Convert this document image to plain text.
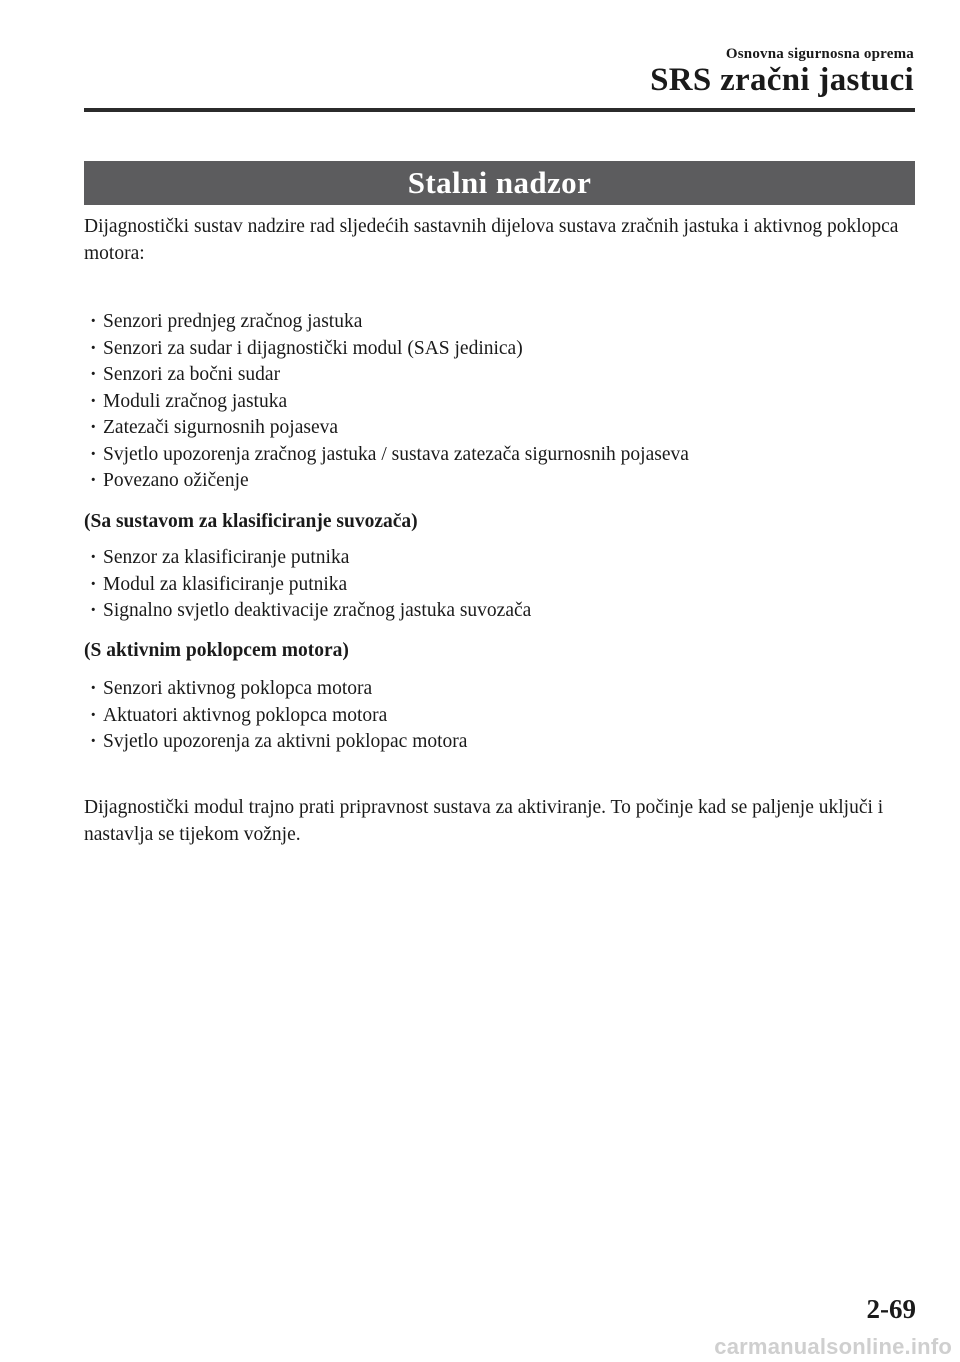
Osnovna sigurnosna oprema
SRS zračni jastuci
Stalni nadzor
Dijagnostički sustav nadzire rad sljedećih sastavnih dijelova sustava zračnih jastuka i aktivnog poklopca motora:
· Senzori prednjeg zračnog jastuka
· Senzori za sudar i dijagnostički modul (SAS jedinica)
· Senzori za bočni sudar
· Moduli zračnog jastuka
· Zatezači sigurnosnih pojaseva
· Svjetlo upozorenja zračnog jastuka / sustava zatezača sigurnosnih pojaseva
· Povezano ožičenje
(Sa sustavom za klasificiranje suvozača)
· Senzor za klasificiranje putnika
· Modul za klasificiranje putnika
· Signalno svjetlo deaktivacije zračnog jastuka suvozača
(S aktivnim poklopcem motora)
· Senzori aktivnog poklopca motora
· Aktuatori aktivnog poklopca motora
· Svjetlo upozorenja za aktivni poklopac motora
Dijagnostički modul trajno prati pripravnost sustava za aktiviranje. To počinje kad se paljenje uključi i nastavlja se tijekom vožnje.
2-69
carmanualsonline.info
